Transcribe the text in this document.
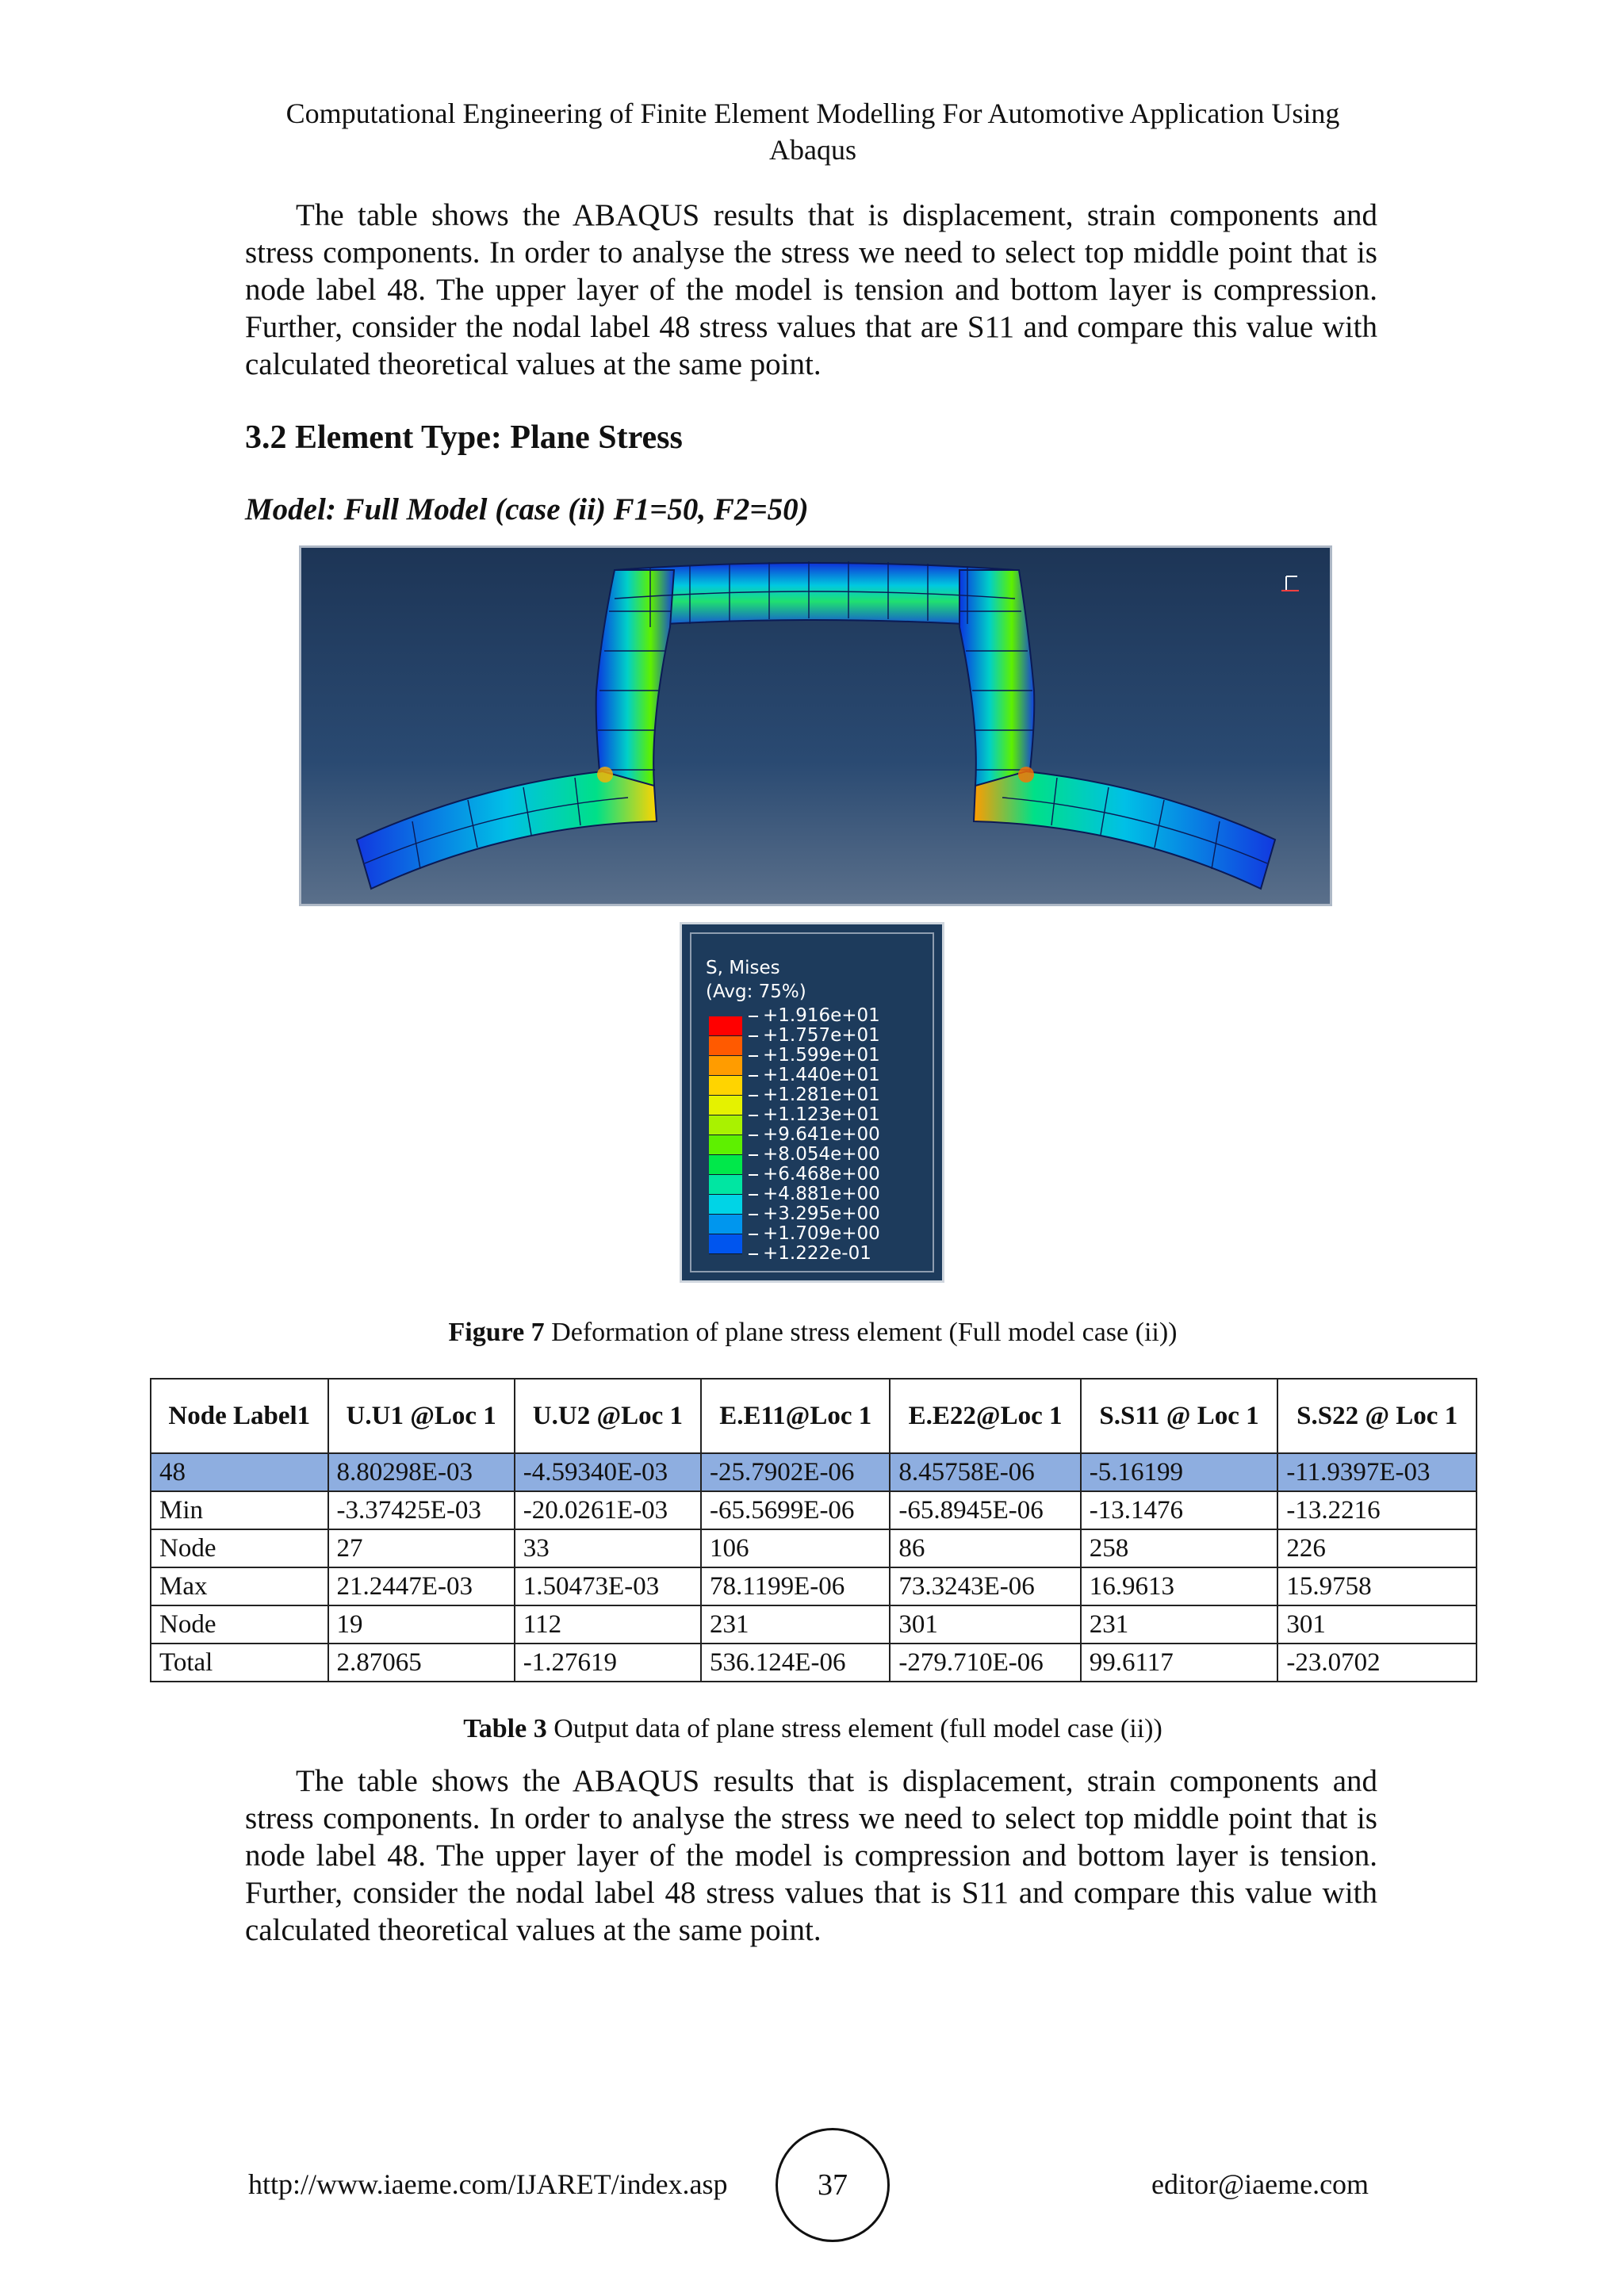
Computational Engineering of Finite Element Modelling For Automotive Application Using
Abaqus

The table shows the ABAQUS results that is displacement, strain components and stress components. In order to analyse the stress we need to select top middle point that is node label 48. The upper layer of the model is tension and bottom layer is compression. Further, consider the nodal label 48 stress values that are S11 and compare this value with calculated theoretical values at the same point.

3.2 Element Type: Plane Stress
Model: Full Model (case (ii) F1=50, F2=50)
S, Mises
(Avg: 75%)
+1.916e+01
+1.757e+01
+1.599e+01
+1.440e+01
+1.281e+01
+1.123e+01
+9.641e+00
+8.054e+00
+6.468e+00
+4.881e+00
+3.295e+00
+1.709e+00
+1.222e-01
Figure 7 Deformation of plane stress element (Full model case (ii))
Node Label1	U.U1 @Loc 1	U.U2 @Loc 1	E.E11@Loc 1	E.E22@Loc 1	S.S11 @ Loc 1	S.S22 @ Loc 1
48	8.80298E-03	-4.59340E-03	-25.7902E-06	8.45758E-06	-5.16199	-11.9397E-03
Min	-3.37425E-03	-20.0261E-03	-65.5699E-06	-65.8945E-06	-13.1476	-13.2216
Node	27	33	106	86	258	226
Max	21.2447E-03	1.50473E-03	78.1199E-06	73.3243E-06	16.9613	15.9758
Node	19	112	231	301	231	301
Total	2.87065	-1.27619	536.124E-06	-279.710E-06	99.6117	-23.0702
Table 3 Output data of plane stress element (full model case (ii))

The table shows the ABAQUS results that is displacement, strain components and stress components. In order to analyse the stress we need to select top middle point that is node label 48. The upper layer of the model is compression and bottom layer is tension. Further, consider the nodal label 48 stress values that is S11 and compare this value with calculated theoretical values at the same point.

http://www.iaeme.com/IJARET/index.asp	37	editor@iaeme.com
